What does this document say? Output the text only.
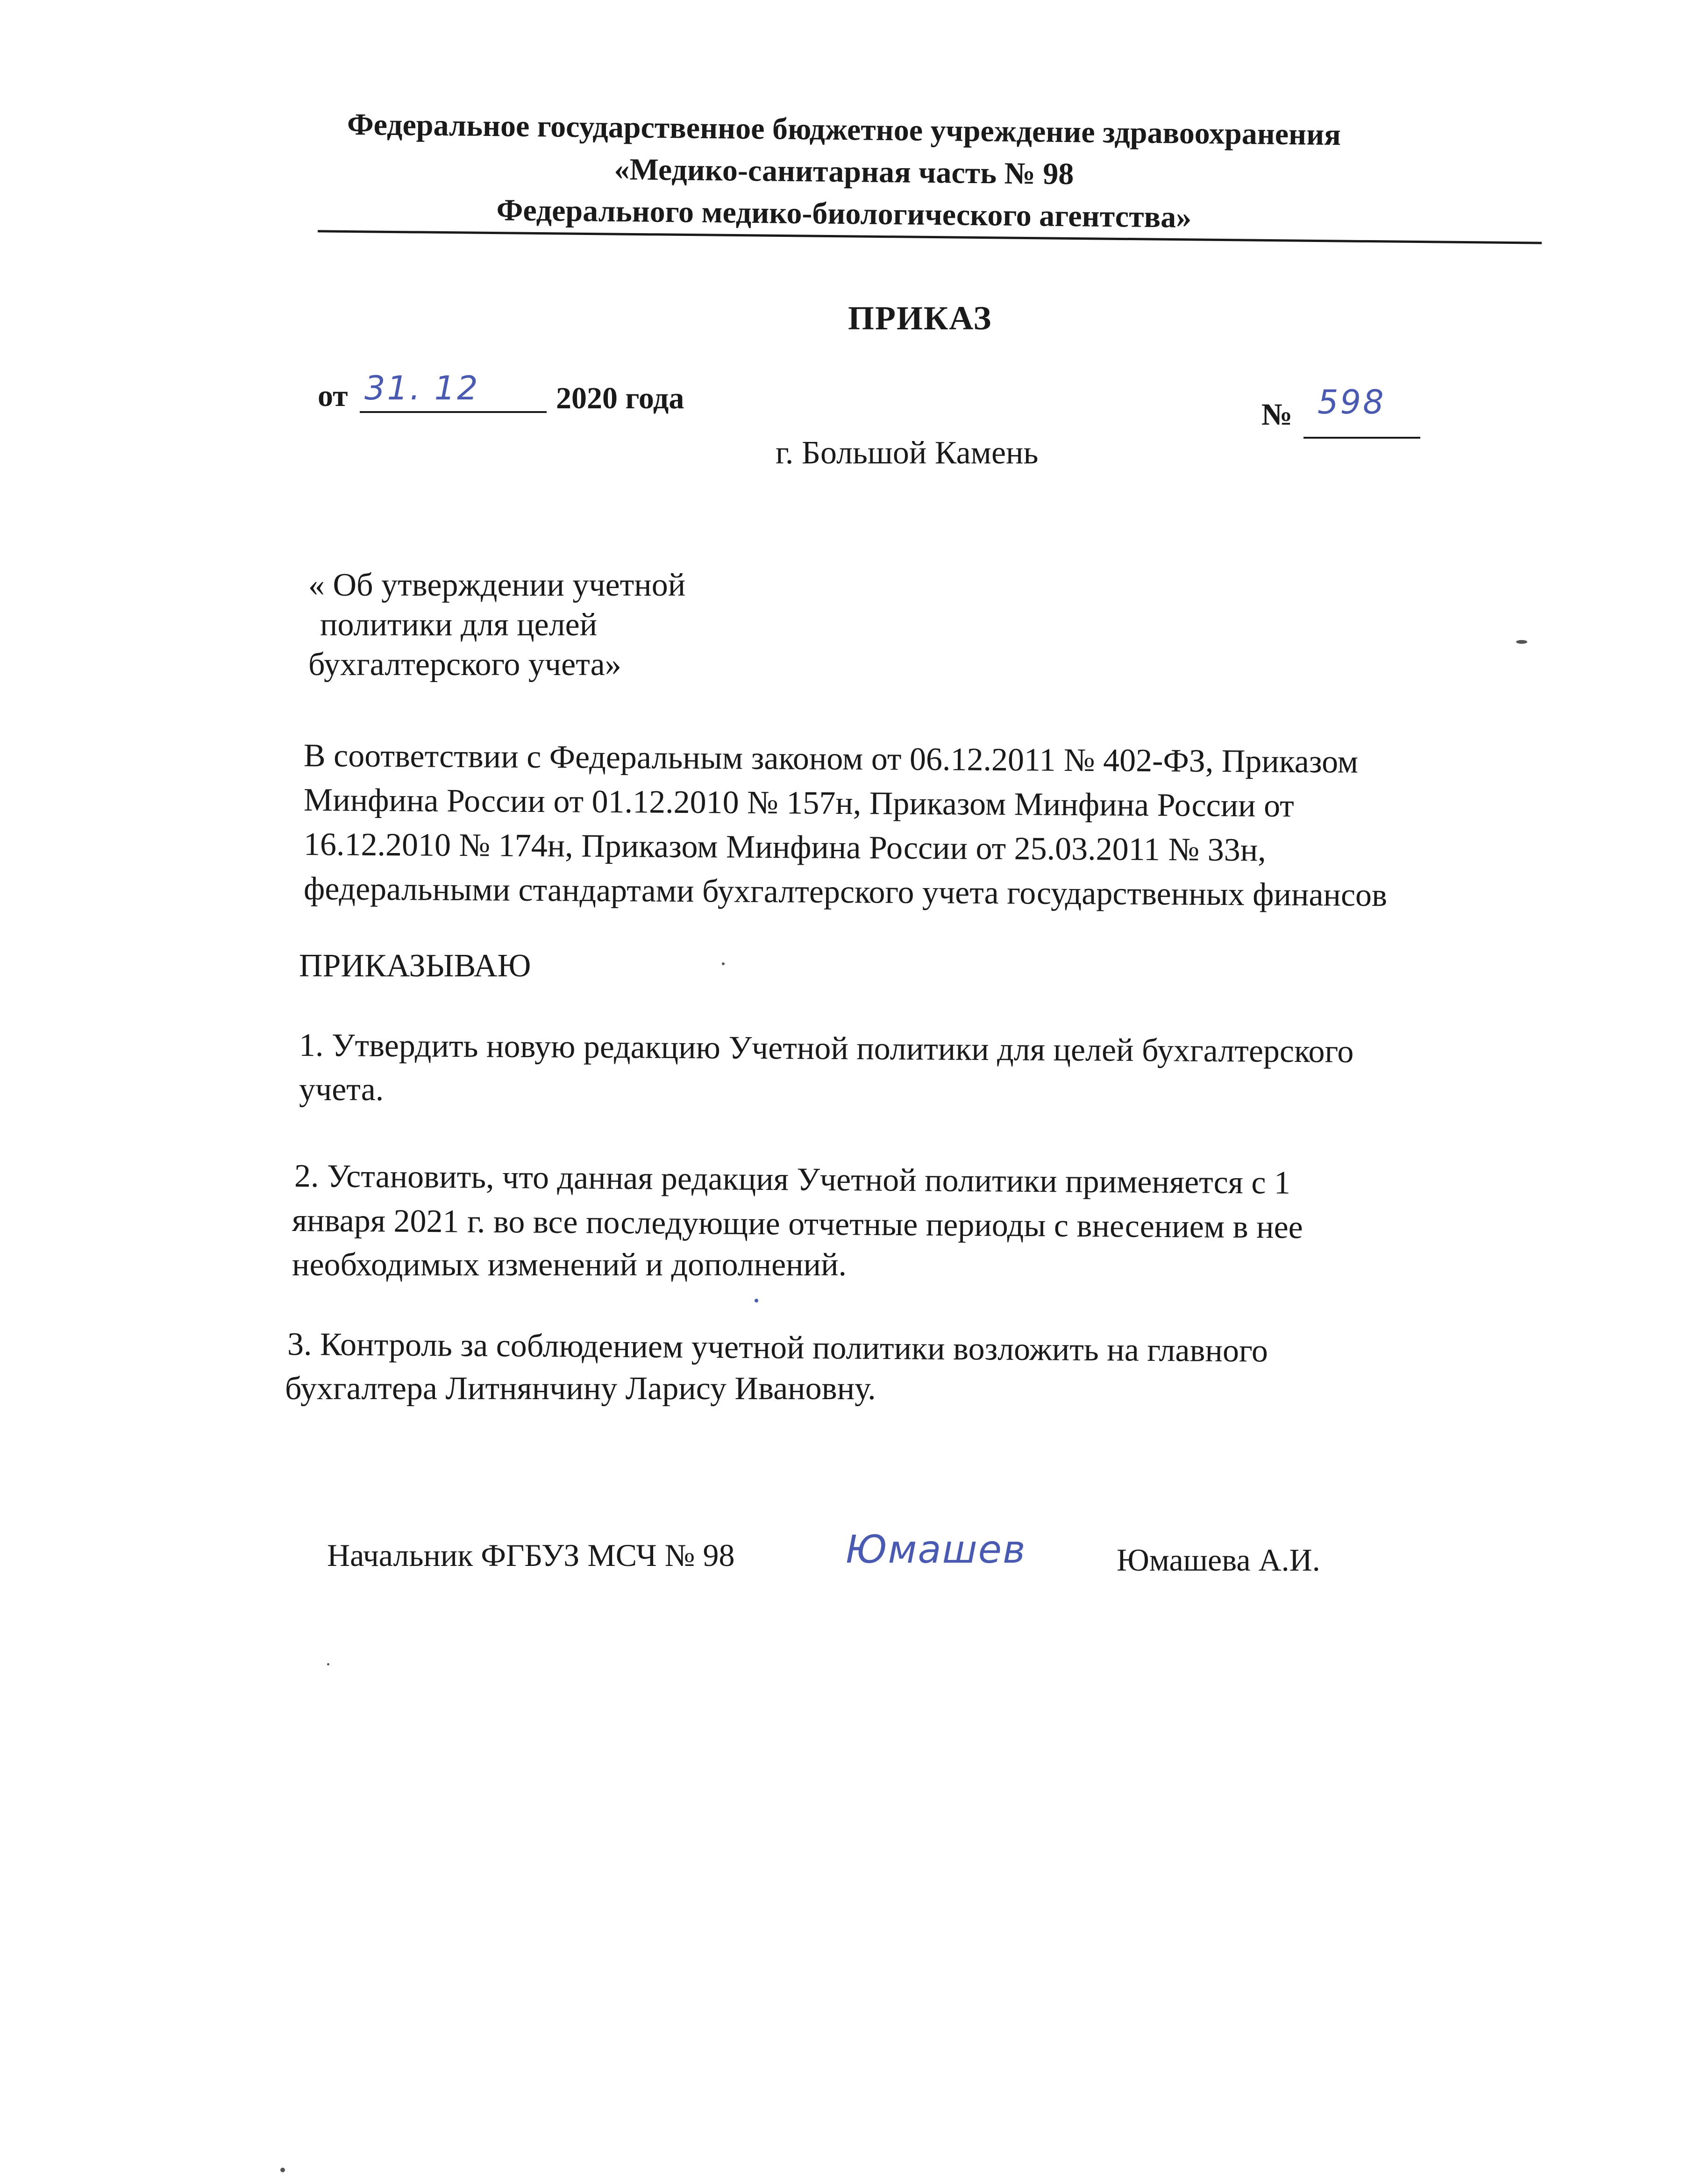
Федеральное государственное бюджетное учреждение здравоохранения
«Медико-санитарная часть № 98
Федерального медико-биологического агентства»
ПРИКАЗ
от 31. 12 2020 года	№ 598
г. Большой Камень
« Об утверждении учетной
политики для целей
бухгалтерского учета»
В соответствии с Федеральным законом от 06.12.2011 № 402-ФЗ, Приказом
Минфина России от 01.12.2010 № 157н, Приказом Минфина России от
16.12.2010 № 174н, Приказом Минфина России от 25.03.2011 № 33н,
федеральными стандартами бухгалтерского учета государственных финансов
ПРИКАЗЫВАЮ
1. Утвердить новую редакцию Учетной политики для целей бухгалтерского
учета.
2. Установить, что данная редакция Учетной политики применяется с 1
января 2021 г. во все последующие отчетные периоды с внесением в нее
необходимых изменений и дополнений.
3. Контроль за соблюдением учетной политики возложить на главного
бухгалтера Литнянчину Ларису Ивановну.
Начальник ФГБУЗ МСЧ № 98	Юмашев	Юмашева А.И.
